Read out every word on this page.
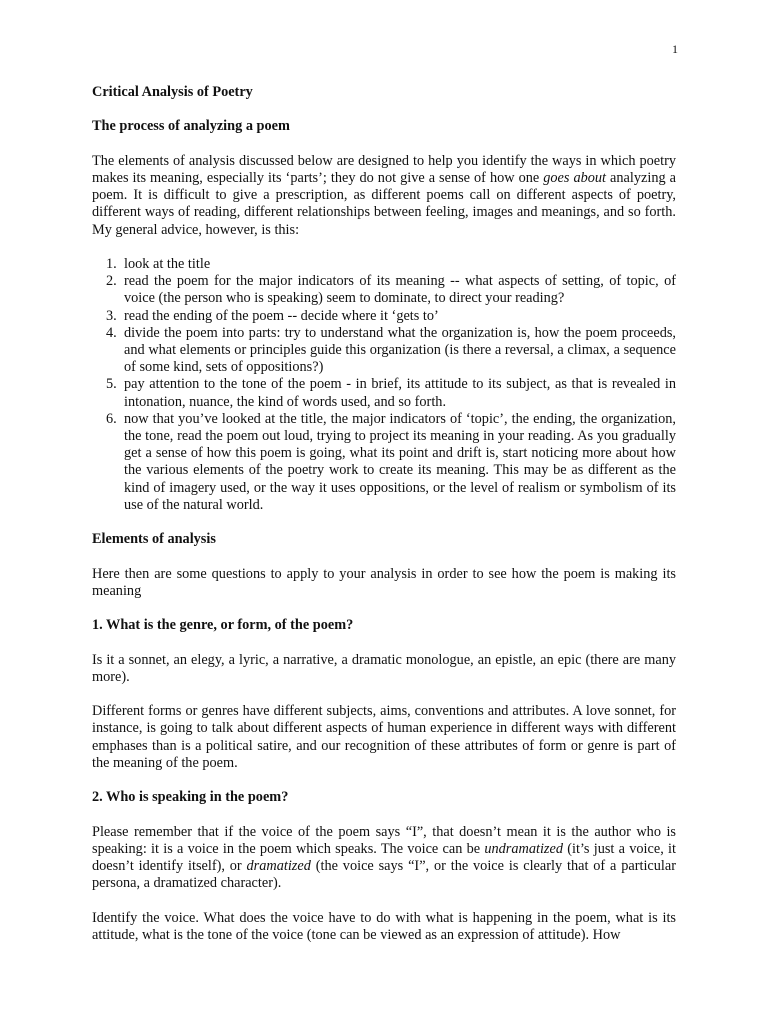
1
Critical Analysis of Poetry
The process of analyzing a poem

The elements of analysis discussed below are designed to help you identify the ways in which poetry makes its meaning, especially its ‘parts’; they do not give a sense of how one goes about analyzing a poem. It is difficult to give a prescription, as different poems call on different aspects of poetry, different ways of reading, different relationships between feeling, images and meanings, and so forth. My general advice, however, is this:

1. look at the title
2. read the poem for the major indicators of its meaning -- what aspects of setting, of topic, of voice (the person who is speaking) seem to dominate, to direct your reading?
3. read the ending of the poem -- decide where it ‘gets to’
4. divide the poem into parts: try to understand what the organization is, how the poem proceeds, and what elements or principles guide this organization (is there a reversal, a climax, a sequence of some kind, sets of oppositions?)
5. pay attention to the tone of the poem - in brief, its attitude to its subject, as that is revealed in intonation, nuance, the kind of words used, and so forth.
6. now that you’ve looked at the title, the major indicators of ‘topic’, the ending, the organization, the tone, read the poem out loud, trying to project its meaning in your reading. As you gradually get a sense of how this poem is going, what its point and drift is, start noticing more about how the various elements of the poetry work to create its meaning. This may be as different as the kind of imagery used, or the way it uses oppositions, or the level of realism or symbolism of its use of the natural world.
Elements of analysis

Here then are some questions to apply to your analysis in order to see how the poem is making its meaning

1. What is the genre, or form, of the poem?

Is it a sonnet, an elegy, a lyric, a narrative, a dramatic monologue, an epistle, an epic (there are many more).

Different forms or genres have different subjects, aims, conventions and attributes. A love sonnet, for instance, is going to talk about different aspects of human experience in different ways with different emphases than is a political satire, and our recognition of these attributes of form or genre is part of the meaning of the poem.

2. Who is speaking in the poem?

Please remember that if the voice of the poem says “I”, that doesn’t mean it is the author who is speaking: it is a voice in the poem which speaks. The voice can be undramatized (it’s just a voice, it doesn’t identify itself), or dramatized (the voice says “I”, or the voice is clearly that of a particular persona, a dramatized character).

Identify the voice. What does the voice have to do with what is happening in the poem, what is its attitude, what is the tone of the voice (tone can be viewed as an expression of attitude). How
